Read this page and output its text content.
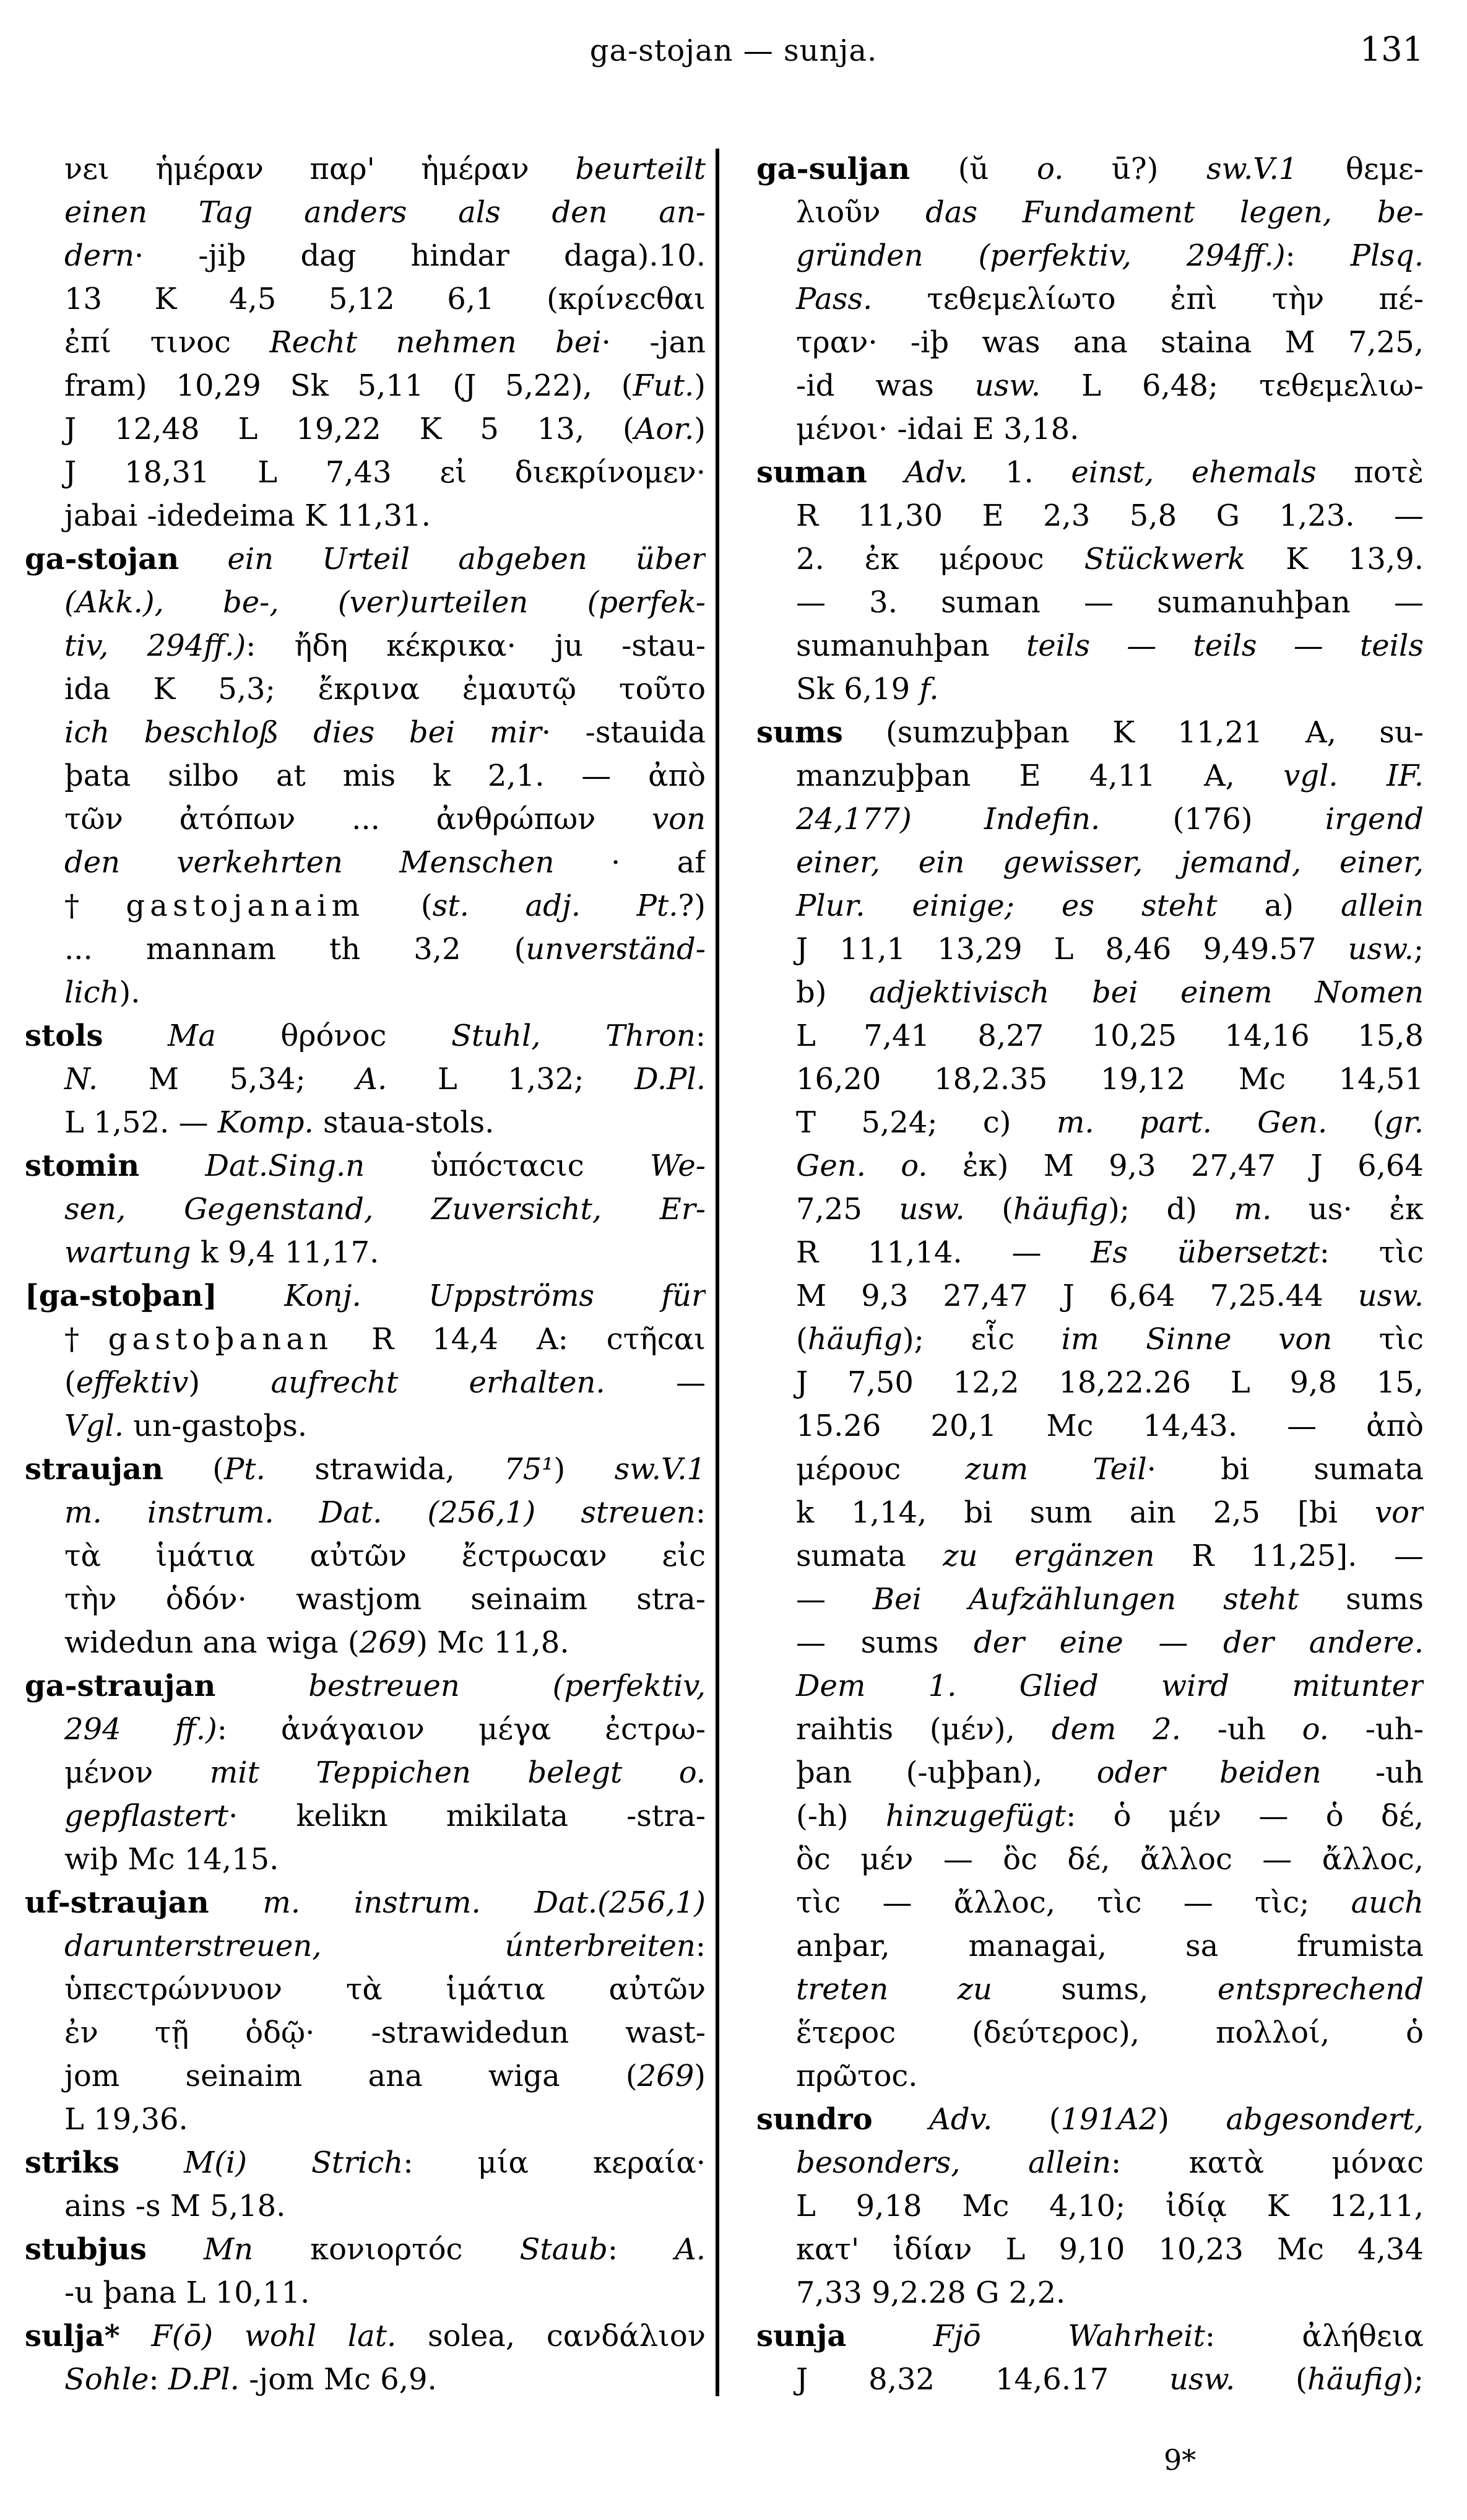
ga-stojan — sunja.	131
νει ἡμέραν παρ' ἡμέραν beurteilt
einen Tag anders als den an-
dern· -jiþ dag hindar daga).10.
13 K 4,5 5,12 6,1 (κρίνεϲθαι
ἐπί τινοϲ Recht nehmen bei· -jan
fram) 10,29 Sk 5,11 (J 5,22), (Fut.)
J 12,48 L 19,22 K 5 13, (Aor.)
J 18,31 L 7,43 εἰ διεκρίνομεν·
jabai -idedeima K 11,31.
ga-stojan ein Urteil abgeben über
(Akk.), be-, (ver)urteilen (perfek-
tiv, 294ff.): ἤδη κέκρικα· ju -stau-
ida K 5,3; ἔκρινα ἐμαυτῷ τοῦτο
ich beschloß dies bei mir· -stauida
þata silbo at mis k 2,1. — ἀπὸ
τῶν ἀτόπων ... ἀνθρώπων von
den verkehrten Menschen · af
†gastojanaim (st. adj. Pt.?)
... mannam th 3,2 (unverständ-
lich).
stols Ma θρόνοϲ Stuhl, Thron:
N. M 5,34; A. L 1,32; D.Pl.
L 1,52. — Komp. staua-stols.
stomin Dat.Sing.n ὑπόϲταϲιϲ We-
sen, Gegenstand, Zuversicht, Er-
wartung k 9,4 11,17.
[ga-stoþan] Konj. Uppströms für
†gastoþanan R 14,4 A: ϲτῆϲαι
(effektiv) aufrecht erhalten. —
Vgl. un-gastoþs.
straujan (Pt. strawida, 75¹) sw.V.1
m. instrum. Dat. (256,1) streuen:
τὰ ἱμάτια αὐτῶν ἔϲτρωϲαν εἰϲ
τὴν ὁδόν· wastjom seinaim stra-
widedun ana wiga (269) Mc 11,8.
ga-straujan	bestreuen (perfektiv,
294 ff.): ἀνάγαιον μέγα ἐϲτρω-
μένον mit Teppichen belegt o.
gepflastert· kelikn mikilata -stra-
wiþ Mc 14,15.
uf-straujan m. instrum. Dat.(256,1)
darunterstreuen, únterbreiten:
ὑπεϲτρώννυον τὰ ἱμάτια αὐτῶν
ἐν τῇ ὁδῷ· -strawidedun wast-
jom seinaim ana wiga (269)
L 19,36.
striks M(i) Strich: μία κεραία·
ains -s M 5,18.
stubjus Mn κονιορτόϲ Staub: A.
-u þana L 10,11.
sulja* F(ō) wohl lat. solea, ϲανδάλιον
Sohle: D.Pl. -jom Mc 6,9.
ga-suljan (ŭ o. ū?) sw.V.1 θεμε-
λιοῦν das Fundament legen, be-
gründen (perfektiv, 294ff.): Plsq.
Pass. τεθεμελίωτο ἐπὶ τὴν πέ-
τραν· -iþ was ana staina M 7,25,
-id was usw. L 6,48; τεθεμελιω-
μένοι· -idai E 3,18.
suman Adv. 1. einst, ehemals ποτὲ
R 11,30 E 2,3 5,8 G 1,23. —
2. ἐκ μέρουϲ Stückwerk K 13,9.
— 3. suman — sumanuhþan —
sumanuhþan teils — teils — teils
Sk 6,19 f.
sums (sumzuþþan K 11,21 A, su-
manzuþþan E 4,11 A, vgl. IF.
24,177) Indefin. (176) irgend
einer, ein gewisser, jemand, einer,
Plur. einige; es steht a) allein
J 11,1 13,29 L 8,46 9,49.57 usw.;
b) adjektivisch bei einem Nomen
L 7,41 8,27 10,25 14,16 15,8
16,20 18,2.35 19,12 Mc 14,51
T 5,24; c) m. part. Gen. (gr.
Gen. o. ἐκ) M 9,3 27,47 J 6,64
7,25 usw. (häufig); d) m. us· ἐκ
R 11,14. — Es übersetzt: τὶϲ
M 9,3 27,47 J 6,64 7,25.44 usw.
(häufig); εἷϲ im Sinne von τὶϲ
J 7,50 12,2 18,22.26 L 9,8 15,
15.26 20,1 Mc 14,43. — ἀπὸ
μέρουϲ zum Teil· bi sumata
k 1,14, bi sum ain 2,5 [bi vor
sumata zu ergänzen R 11,25]. —
— Bei Aufzählungen steht sums
— sums der eine — der andere.
Dem 1. Glied wird mitunter
raihtis (μέν), dem 2. -uh o. -uh-
þan (-uþþan), oder beiden -uh
(-h) hinzugefügt: ὁ μέν — ὁ δέ,
ὃϲ μέν — ὃϲ δέ, ἄλλοϲ — ἄλλοϲ,
τὶϲ — ἄλλοϲ, τὶϲ — τὶϲ; auch
anþar, managai, sa frumista
treten zu sums, entsprechend
ἕτεροϲ (δεύτεροϲ), πολλοί, ὁ
πρῶτοϲ.
sundro Adv. (191A2) abgesondert,
besonders, allein: κατὰ μόναϲ
L 9,18 Mc 4,10; ἰδίᾳ K 12,11,
κατ' ἰδίαν L 9,10 10,23 Mc 4,34
7,33 9,2.28 G 2,2.
sunja	Fjō Wahrheit: ἀλήθεια
J 8,32 14,6.17 usw. (häufig);
9*
